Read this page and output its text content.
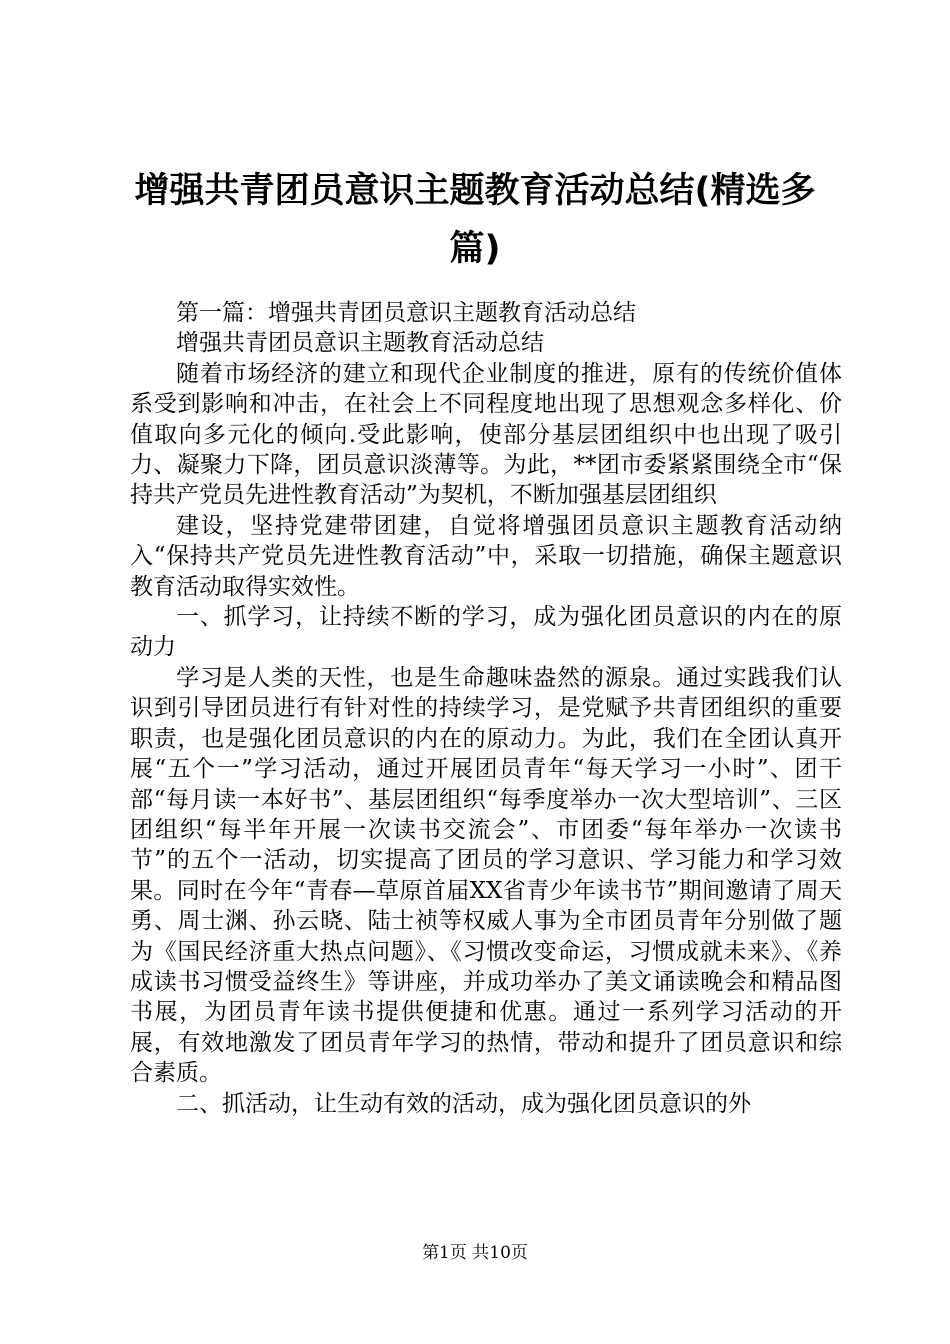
增强共青团员意识主题教育活动总结(精选多篇)

第一篇：增强共青团员意识主题教育活动总结

增强共青团员意识主题教育活动总结

随着市场经济的建立和现代企业制度的推进，原有的传统价值体系受到影响和冲击，在社会上不同程度地出现了思想观念多样化、价值取向多元化的倾向.受此影响，使部分基层团组织中也出现了吸引力、凝聚力下降，团员意识淡薄等。为此，**团市委紧紧围绕全市“保持共产党员先进性教育活动”为契机，不断加强基层团组织

建设，坚持党建带团建，自觉将增强团员意识主题教育活动纳入“保持共产党员先进性教育活动”中，采取一切措施，确保主题意识教育活动取得实效性。

一、抓学习，让持续不断的学习，成为强化团员意识的内在的原动力

学习是人类的天性，也是生命趣味盎然的源泉。通过实践我们认识到引导团员进行有针对性的持续学习，是党赋予共青团组织的重要职责，也是强化团员意识的内在的原动力。为此，我们在全团认真开展“五个一”学习活动，通过开展团员青年“每天学习一小时”、团干部“每月读一本好书”、基层团组织“每季度举办一次大型培训”、三区团组织“每半年开展一次读书交流会”、市团委“每年举办一次读书节”的五个一活动，切实提高了团员的学习意识、学习能力和学习效果。同时在今年“青春—草原首届XX省青少年读书节”期间邀请了周天勇、周士渊、孙云晓、陆士祯等权威人事为全市团员青年分别做了题为《国民经济重大热点问题》、《习惯改变命运，习惯成就未来》、《养成读书习惯受益终生》等讲座，并成功举办了美文诵读晚会和精品图书展，为团员青年读书提供便捷和优惠。通过一系列学习活动的开展，有效地激发了团员青年学习的热情，带动和提升了团员意识和综合素质。

二、抓活动，让生动有效的活动，成为强化团员意识的外

第1页 共10页
